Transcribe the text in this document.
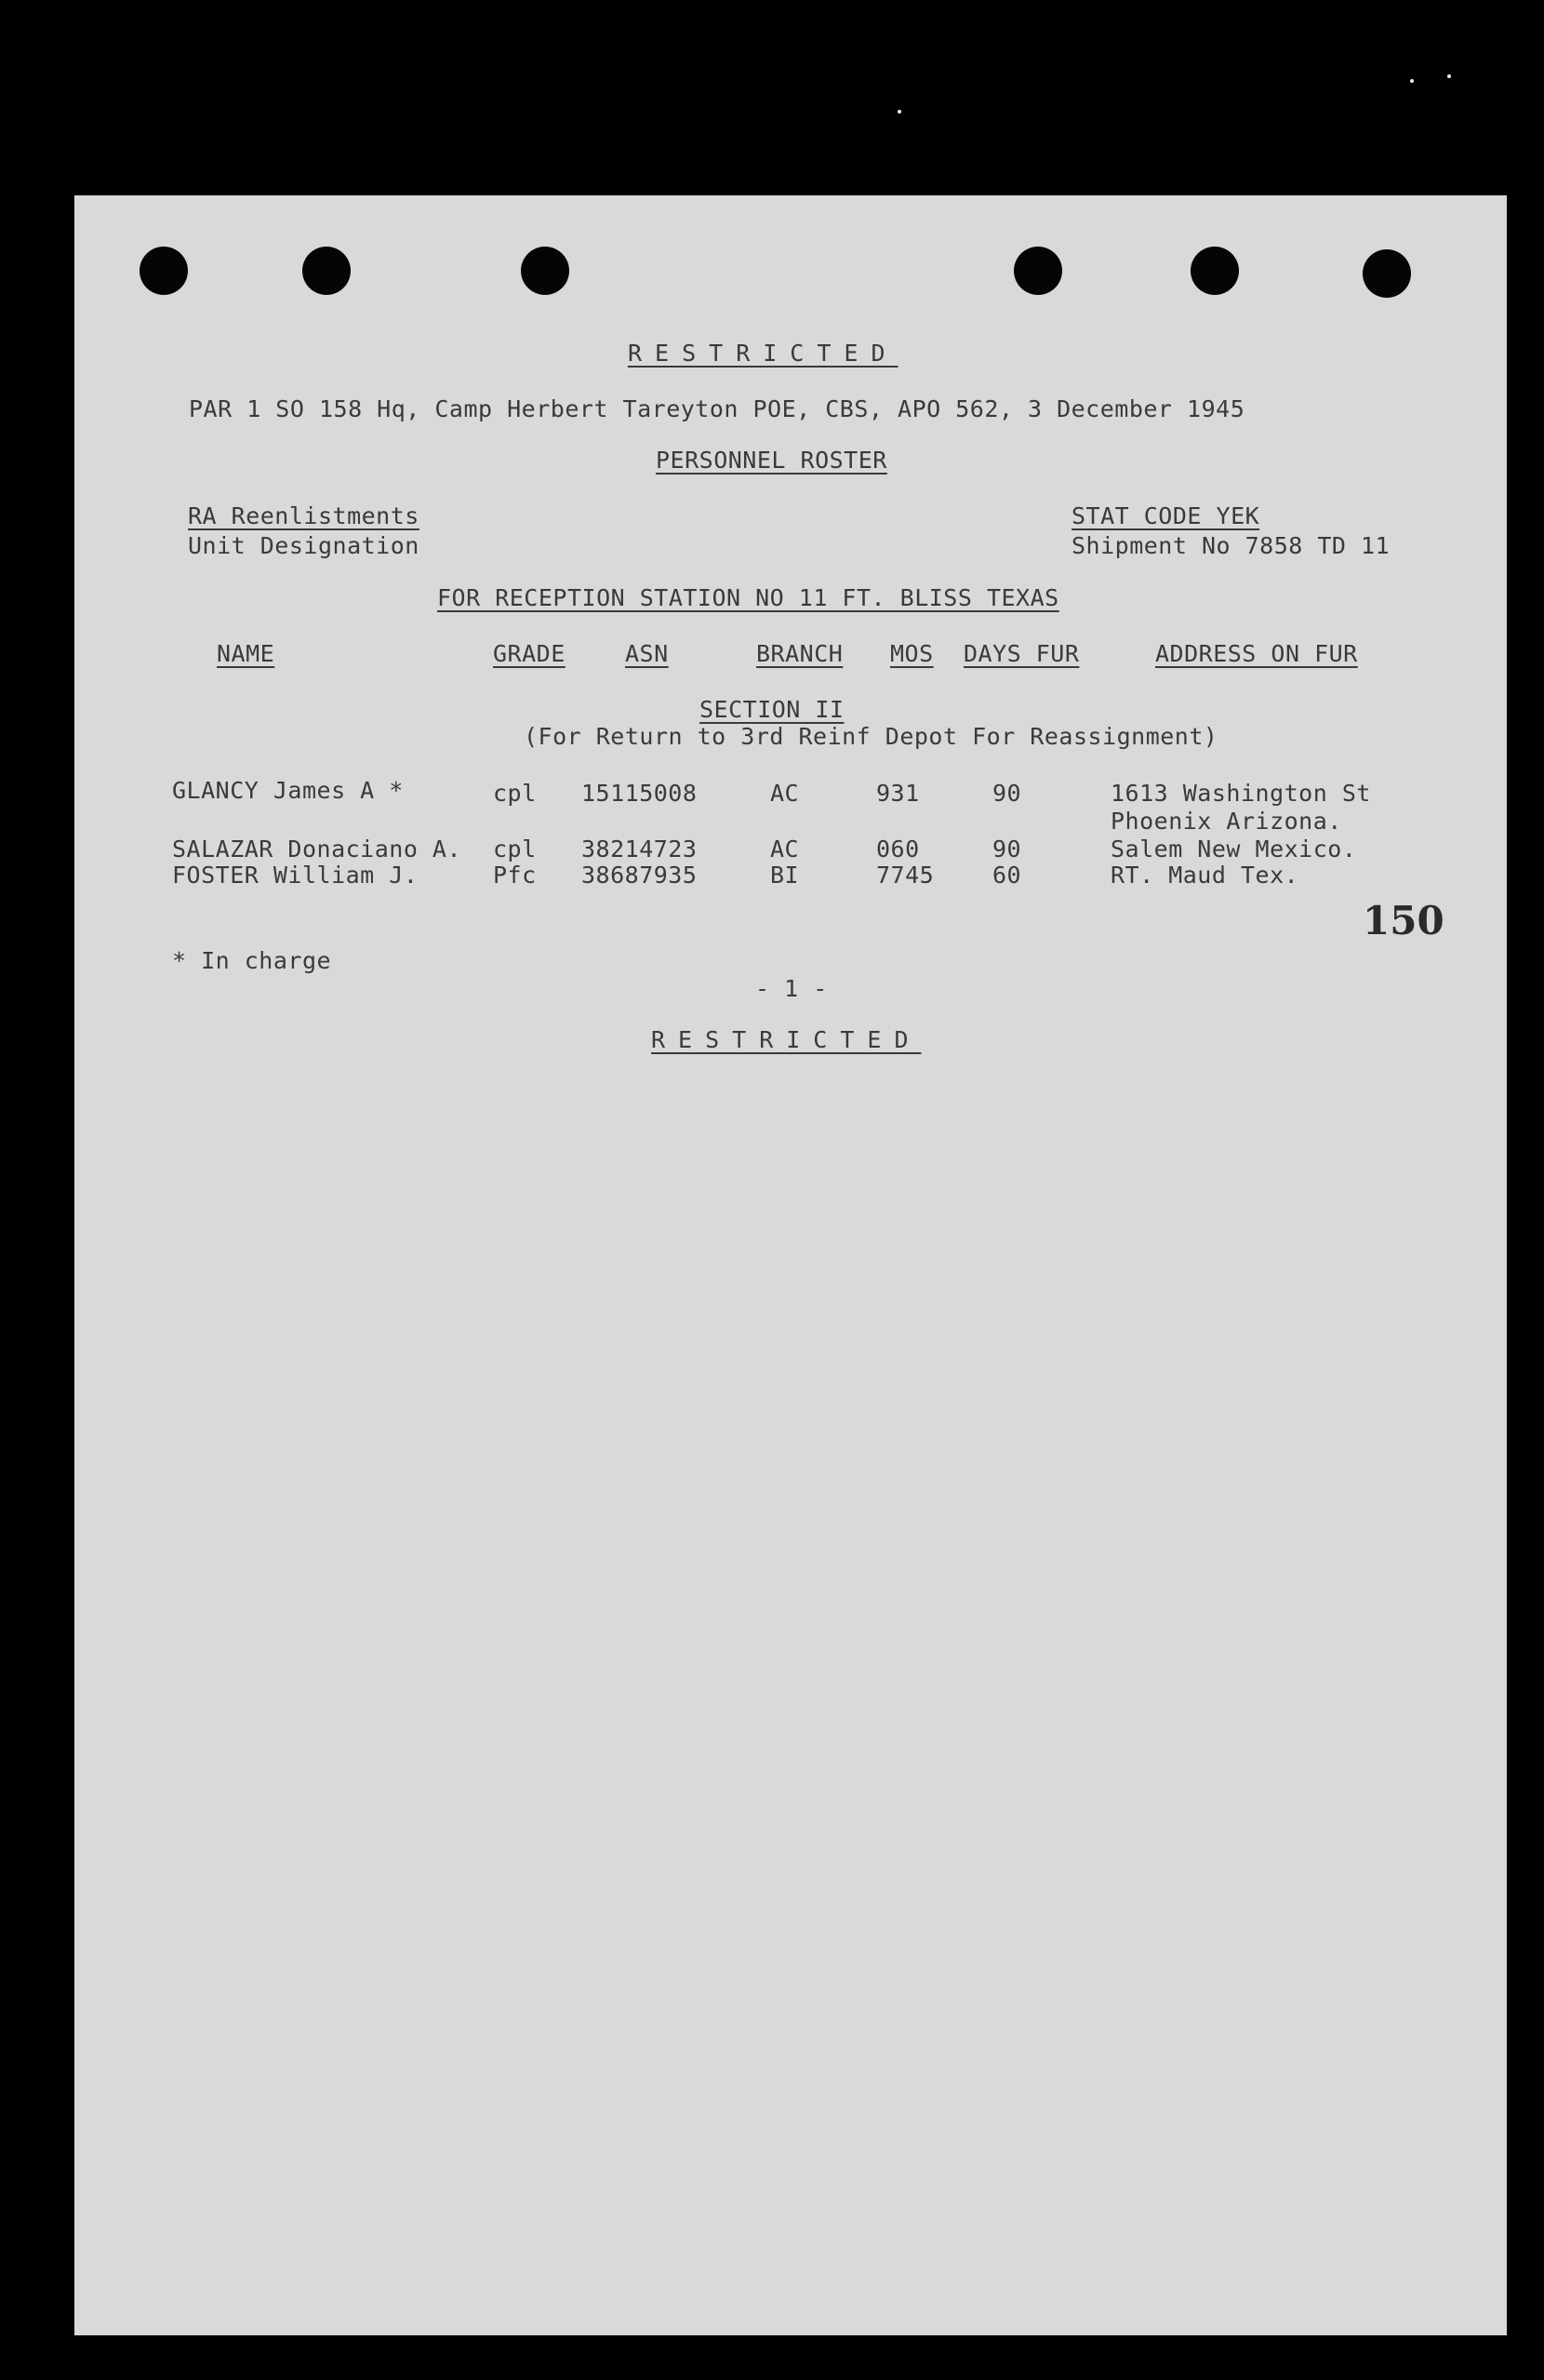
RESTRICTED
PAR 1 SO 158 Hq, Camp Herbert Tareyton POE, CBS, APO 562, 3 December 1945
PERSONNEL ROSTER
RA Reenlistments
Unit Designation
STAT CODE YEK
Shipment No 7858 TD 11
FOR RECEPTION STATION NO 11 FT. BLISS TEXAS
NAME	GRADE	ASN	BRANCH MOS DAYS FUR	ADDRESS ON FUR
SECTION II
(For Return to 3rd Reinf Depot For Reassignment)
GLANCY James A *	cpl 15115008	AC	931	90	1613 Washington St
Phoenix Arizona.
SALAZAR Donaciano A. cpl 38214723	AC	060	90	Salem New Mexico.
FOSTER William J.	Pfc 38687935	BI	7745	60	RT. Maud Tex.
150
* In charge
- 1 -
RESTRICTED
